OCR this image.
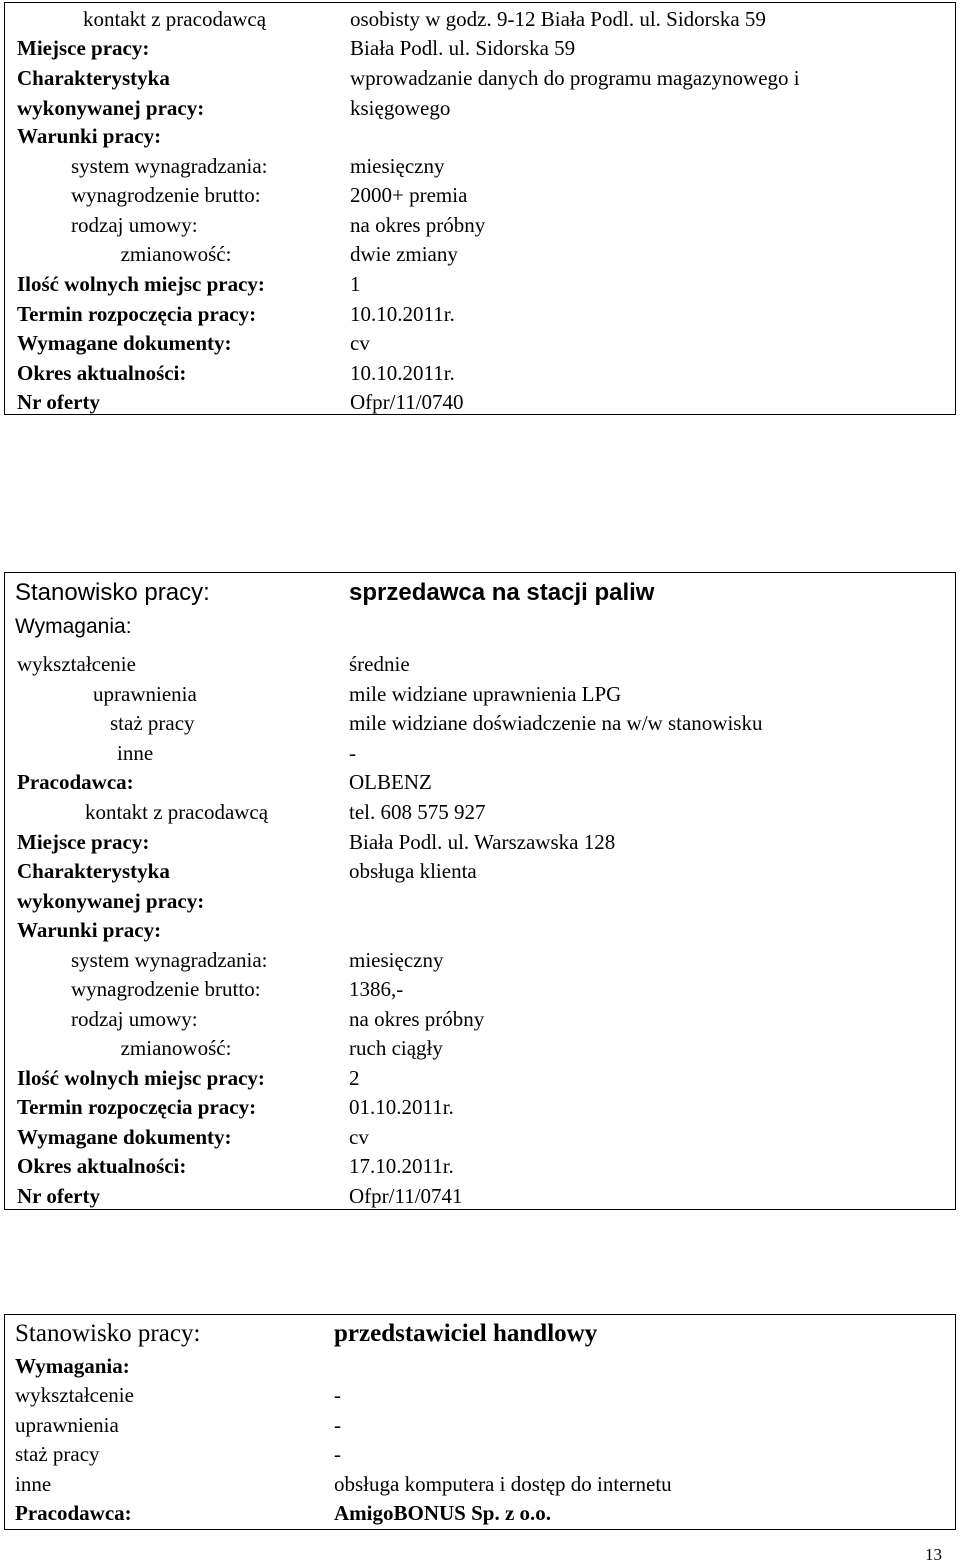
kontakt z pracodawcą	osobisty w godz. 9-12 Biała Podl. ul. Sidorska 59
Miejsce pracy:	Biała Podl. ul. Sidorska 59
Charakterystyka
wykonywanej pracy:
wprowadzanie danych do programu magazynowego i
księgowego
Warunki pracy:
system wynagradzania:	miesięczny
wynagrodzenie brutto:	2000+ premia
rodzaj umowy:	na okres próbny
zmianowość:	dwie zmiany
Ilość wolnych miejsc pracy:	1
Termin rozpoczęcia pracy:	10.10.2011r.
Wymagane dokumenty:	cv
Okres aktualności:	10.10.2011r.
Nr oferty	Ofpr/11/0740
Stanowisko pracy:	sprzedawca na stacji paliw
Wymagania:
wykształcenie	średnie
uprawnienia	mile widziane uprawnienia LPG
staż pracy	mile widziane doświadczenie na w/w stanowisku
inne	-
Pracodawca:	OLBENZ
kontakt z pracodawcą	tel. 608 575 927
Miejsce pracy:	Biała Podl. ul. Warszawska 128
Charakterystyka
wykonywanej pracy:
obsługa klienta
Warunki pracy:
system wynagradzania:	miesięczny
wynagrodzenie brutto:	1386,-
rodzaj umowy:	na okres próbny
zmianowość:	ruch ciągły
Ilość wolnych miejsc pracy:	2
Termin rozpoczęcia pracy:	01.10.2011r.
Wymagane dokumenty:	cv
Okres aktualności:	17.10.2011r.
Nr oferty	Ofpr/11/0741
Stanowisko pracy:	przedstawiciel handlowy
Wymagania:
wykształcenie	-
uprawnienia	-
staż pracy	-
inne	obsługa komputera i dostęp do internetu
Pracodawca:	AmigoBONUS Sp. z o.o.
13
